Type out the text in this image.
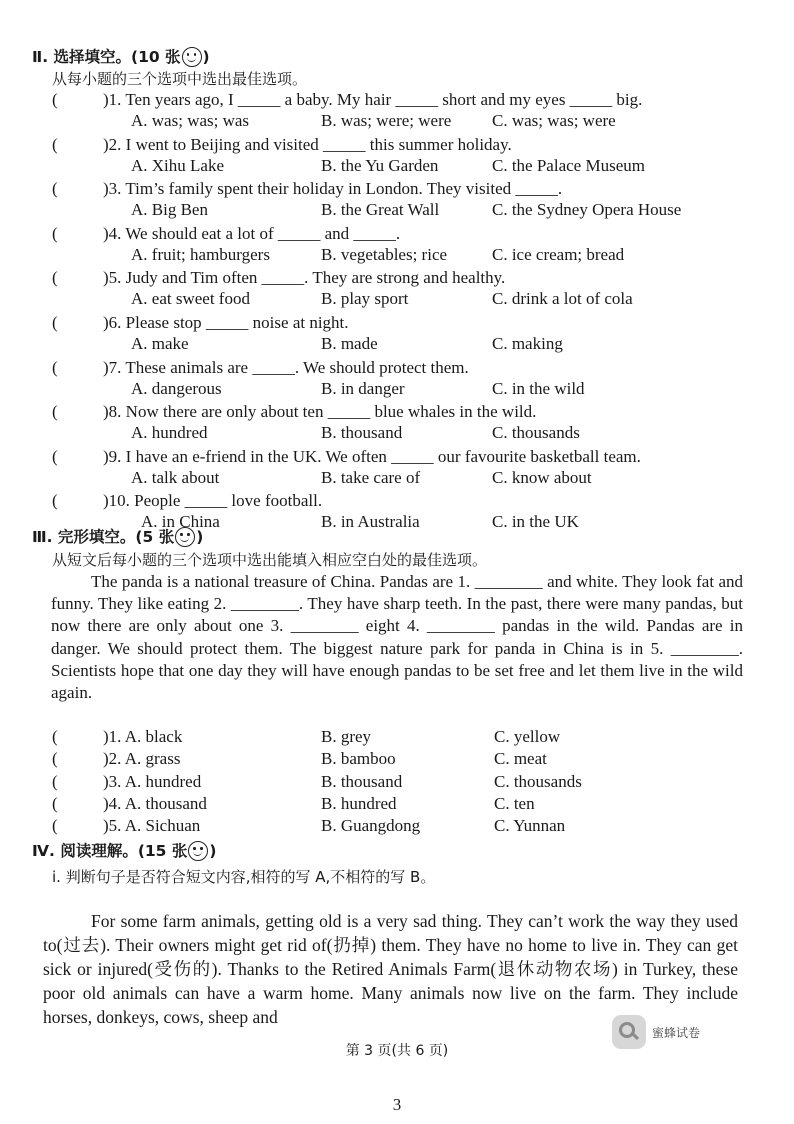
Ⅱ. 选择填空。(10 张 )
从每小题的三个选项中选出最佳选项。
(	)1. Ten years ago, I _____ a baby. My hair _____ short and my eyes _____ big.
A. was; was; was	B. was; were; were C. was; was; were
(	)2. I went to Beijing and visited _____ this summer holiday.
A. Xihu Lake	B. the Yu Garden	C. the Palace Museum
(	)3. Tim’s family spent their holiday in London. They visited _____.
A. Big Ben	B. the Great Wall	C. the Sydney Opera House
(	)4. We should eat a lot of _____ and _____.
A. fruit; hamburgers	B. vegetables; rice	C. ice cream; bread
(	)5. Judy and Tim often _____. They are strong and healthy.
A. eat sweet food	B. play sport	C. drink a lot of cola
(	)6. Please stop _____ noise at night.
A. make	B. made	C. making
(	)7. These animals are _____. We should protect them.
A. dangerous	B. in danger	C. in the wild
(	)8. Now there are only about ten _____ blue whales in the wild.
A. hundred	B. thousand	C. thousands
(	)9. I have an e-friend in the UK. We often _____ our favourite basketball team.
A. talk about	B. take care of	C. know about
(	)10. People _____ love football.
A. in China	B. in Australia	C. in the UK
Ⅲ. 完形填空。(5 张 )
从短文后每小题的三个选项中选出能填入相应空白处的最佳选项。
The panda is a national treasure of China. Pandas are 1. ________ and white. They look fat and funny. They like eating 2. ________. They have sharp teeth. In the past, there were many pandas, but now there are only about one 3. ________ eight 4. ________ pandas in the wild. Pandas are in danger. We should protect them. The biggest nature park for panda in China is in 5. ________. Scientists hope that one day they will have enough pandas to be set free and let them live in the wild again.
(	)1. A. black	B. grey	C. yellow
(	)2. A. grass	B. bamboo	C. meat
(	)3. A. hundred	B. thousand	C. thousands
(	)4. A. thousand	B. hundred	C. ten
(	)5. A. Sichuan	B. Guangdong	C. Yunnan
Ⅳ. 阅读理解。(15 张 )
i. 判断句子是否符合短文内容,相符的写 A,不相符的写 B。
For some farm animals, getting old is a very sad thing. They can’t work the way they used to(过去). Their owners might get rid of(扔掉) them. They have no home to live in. They can get sick or injured(受伤的). Thanks to the Retired Animals Farm(退休动物农场) in Turkey, these poor old animals can have a warm home. Many animals now live on the farm. They include horses, donkeys, cows, sheep and
蜜蜂试卷
第 3 页(共 6 页)
3
